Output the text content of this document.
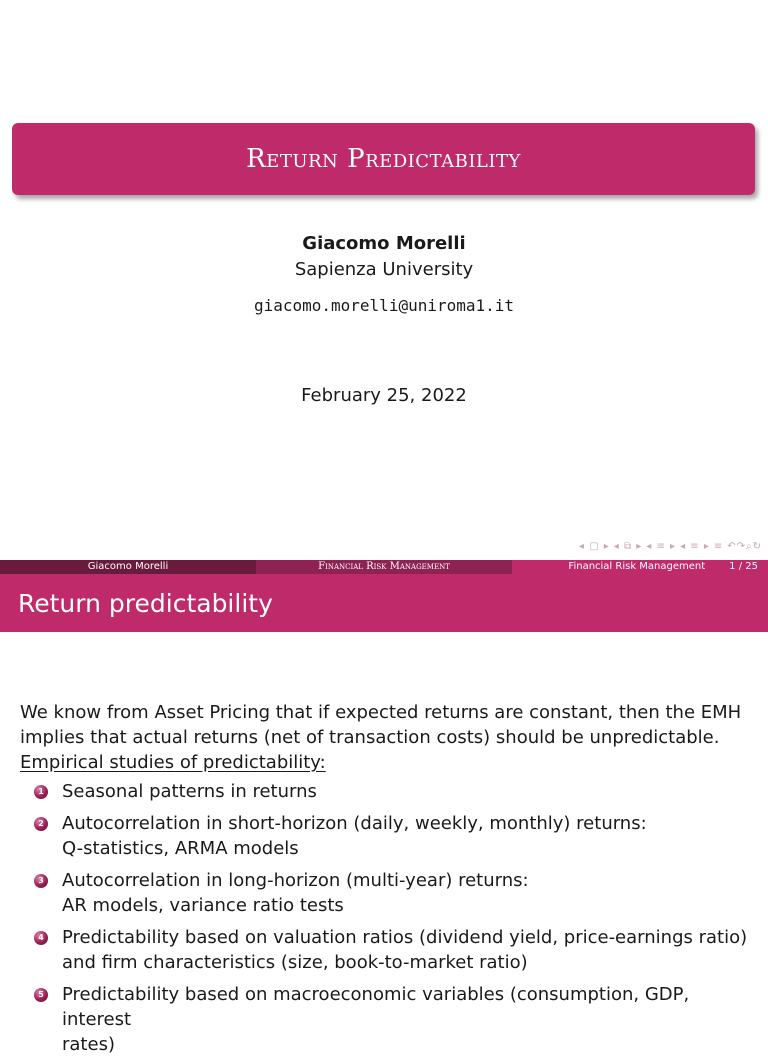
Return Predictability
Giacomo Morelli
Sapienza University
giacomo.morelli@uniroma1.it
February 25, 2022
◂ ▢ ▸ ◂ ⧉ ▸ ◂ ≡ ▸ ◂ ≡ ▸ ≡ ↶↷⌕↻
Giacomo Morelli	Financial Risk Management	Financial Risk Management 1 / 25
Return predictability

We know from Asset Pricing that if expected returns are constant, then the EMH implies that actual returns (net of transaction costs) should be unpredictable.

Empirical studies of predictability:

1 Seasonal patterns in returns
2 Autocorrelation in short-horizon (daily, weekly, monthly) returns:
Q-statistics, ARMA models
3 Autocorrelation in long-horizon (multi-year) returns:
AR models, variance ratio tests
4 Predictability based on valuation ratios (dividend yield, price-earnings ratio)
and firm characteristics (size, book-to-market ratio)
5 Predictability based on macroeconomic variables (consumption, GDP, interest
rates)
